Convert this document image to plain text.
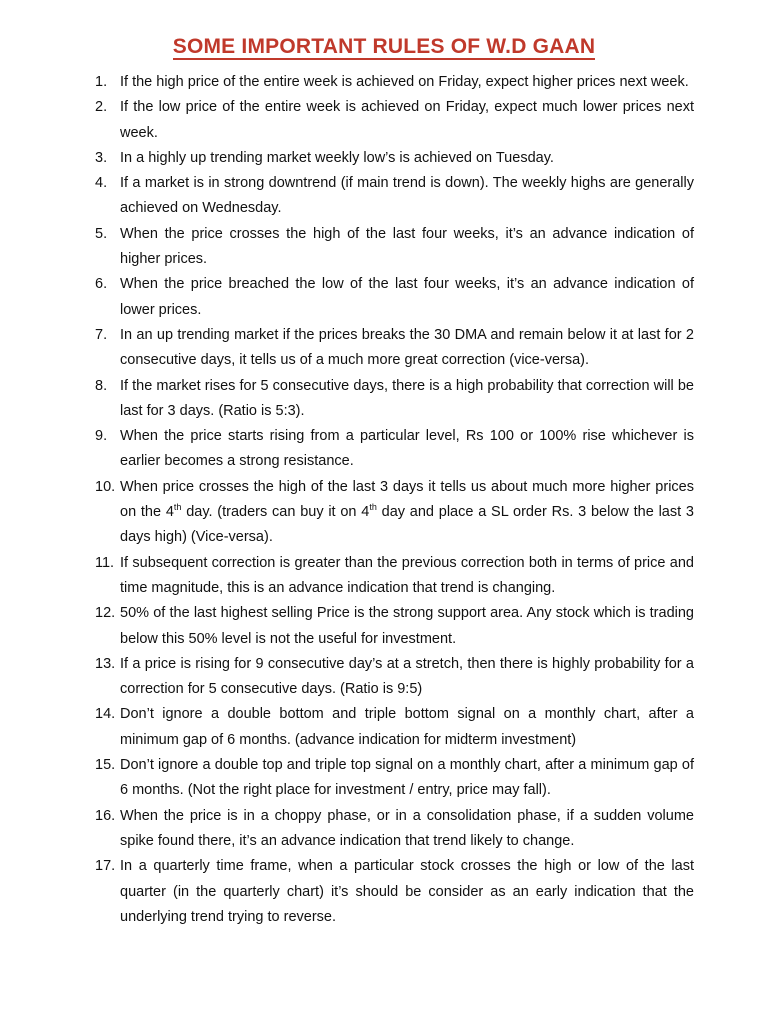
SOME IMPORTANT RULES OF W.D GAAN
1. If the high price of the entire week is achieved on Friday, expect higher prices next week.
2. If the low price of the entire week is achieved on Friday, expect much lower prices next week.
3. In a highly up trending market weekly low’s is achieved on Tuesday.
4. If a market is in strong downtrend (if main trend is down). The weekly highs are generally achieved on Wednesday.
5. When the price crosses the high of the last four weeks, it’s an advance indication of higher prices.
6. When the price breached the low of the last four weeks, it’s an advance indication of lower prices.
7. In an up trending market if the prices breaks the 30 DMA and remain below it at last for 2 consecutive days, it tells us of a much more great correction (vice-versa).
8. If the market rises for 5 consecutive days, there is a high probability that correction will be last for 3 days. (Ratio is 5:3).
9. When the price starts rising from a particular level, Rs 100 or 100% rise whichever is earlier becomes a strong resistance.
10. When price crosses the high of the last 3 days it tells us about much more higher prices on the 4th day. (traders can buy it on 4th day and place a SL order Rs. 3 below the last 3 days high) (Vice-versa).
11. If subsequent correction is greater than the previous correction both in terms of price and time magnitude, this is an advance indication that trend is changing.
12. 50% of the last highest selling Price is the strong support area. Any stock which is trading below this 50% level is not the useful for investment.
13. If a price is rising for 9 consecutive day’s at a stretch, then there is highly probability for a correction for 5 consecutive days. (Ratio is 9:5)
14. Don’t ignore a double bottom and triple bottom signal on a monthly chart, after a minimum gap of 6 months. (advance indication for midterm investment)
15. Don’t ignore a double top and triple top signal on a monthly chart, after a minimum gap of 6 months. (Not the right place for investment / entry, price may fall).
16. When the price is in a choppy phase, or in a consolidation phase, if a sudden volume spike found there, it’s an advance indication that trend likely to change.
17. In a quarterly time frame, when a particular stock crosses the high or low of the last quarter (in the quarterly chart) it’s should be consider as an early indication that the underlying trend trying to reverse.
